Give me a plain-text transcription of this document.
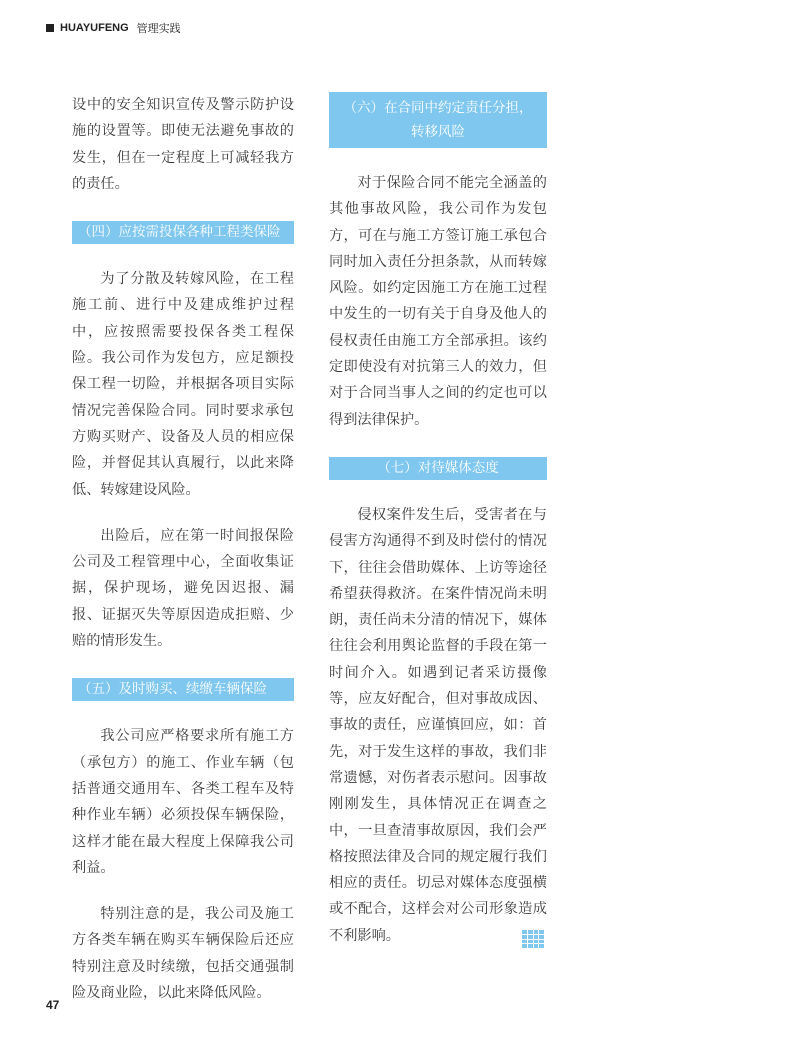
HUAYUFENG 管理实践

设中的安全知识宣传及警示防护设施的设置等。即使无法避免事故的发生，但在一定程度上可减轻我方的责任。

（四）应按需投保各种工程类保险

为了分散及转嫁风险，在工程施工前、进行中及建成维护过程中，应按照需要投保各类工程保险。我公司作为发包方，应足额投保工程一切险，并根据各项目实际情况完善保险合同。同时要求承包方购买财产、设备及人员的相应保险，并督促其认真履行，以此来降低、转嫁建设风险。

出险后，应在第一时间报保险公司及工程管理中心，全面收集证据，保护现场，避免因迟报、漏报、证据灭失等原因造成拒赔、少赔的情形发生。

（五）及时购买、续缴车辆保险

我公司应严格要求所有施工方（承包方）的施工、作业车辆（包括普通交通用车、各类工程车及特种作业车辆）必须投保车辆保险，这样才能在最大程度上保障我公司利益。

特别注意的是，我公司及施工方各类车辆在购买车辆保险后还应特别注意及时续缴，包括交通强制险及商业险，以此来降低风险。

（六）在合同中约定责任分担，
转移风险

对于保险合同不能完全涵盖的其他事故风险，我公司作为发包方，可在与施工方签订施工承包合同时加入责任分担条款，从而转嫁风险。如约定因施工方在施工过程中发生的一切有关于自身及他人的侵权责任由施工方全部承担。该约定即使没有对抗第三人的效力，但对于合同当事人之间的约定也可以得到法律保护。

（七）对待媒体态度

侵权案件发生后，受害者在与侵害方沟通得不到及时偿付的情况下，往往会借助媒体、上访等途径希望获得救济。在案件情况尚未明朗，责任尚未分清的情况下，媒体往往会利用舆论监督的手段在第一时间介入。如遇到记者采访摄像等，应友好配合，但对事故成因、事故的责任，应谨慎回应，如：首先，对于发生这样的事故，我们非常遗憾，对伤者表示慰问。因事故刚刚发生，具体情况正在调查之中，一旦查清事故原因，我们会严格按照法律及合同的规定履行我们相应的责任。切忌对媒体态度强横或不配合，这样会对公司形象造成不利影响。

47
